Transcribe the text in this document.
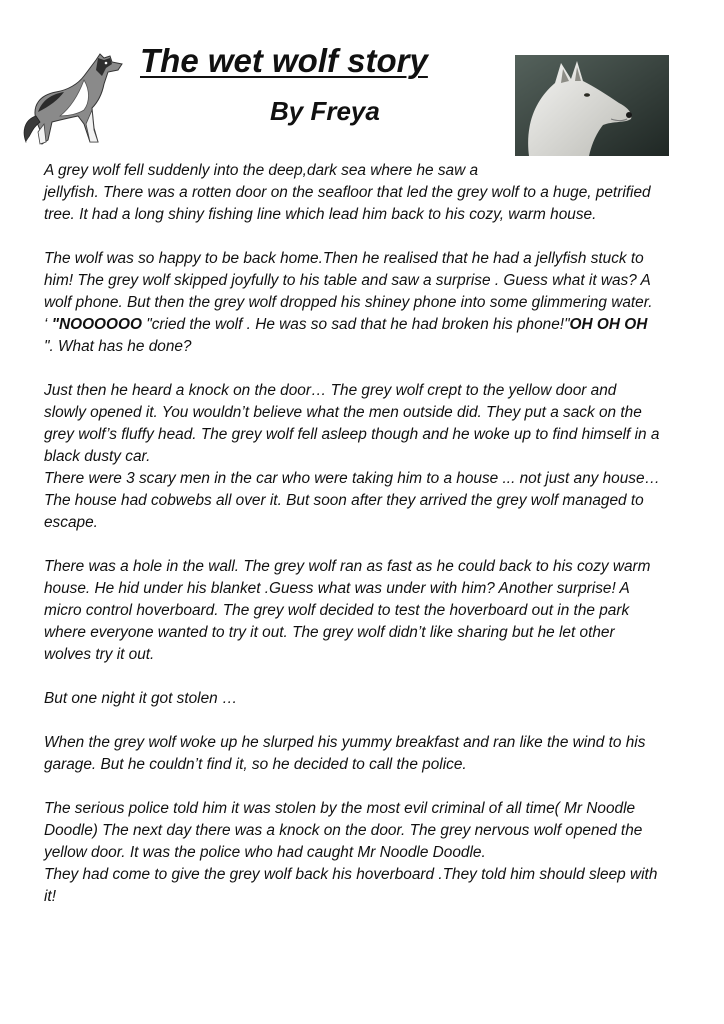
The wet wolf story
By Freya

A grey wolf fell suddenly into the deep,dark sea where he saw a
jellyfish. There was a rotten door on the seafloor that led the grey wolf to a huge, petrified
tree. It had a long shiny fishing line which lead him back to his cozy, warm house.

The wolf was so happy to be back home.Then he realised that he had a jellyfish stuck to
him! The grey wolf skipped joyfully to his table and saw a surprise . Guess what it was? A
wolf phone. But then the grey wolf dropped his shiney phone into some glimmering water.
‘ "NOOOOOO "cried the wolf . He was so sad that he had broken his phone!"OH OH OH
". What has he done?

Just then he heard a knock on the door… The grey wolf crept to the yellow door and
slowly opened it. You wouldn’t believe what the men outside did. They put a sack on the
grey wolf’s fluffy head. The grey wolf fell asleep though and he woke up to find himself in a
black dusty car.
There were 3 scary men in the car who were taking him to a house ... not just any house…
The house had cobwebs all over it. But soon after they arrived the grey wolf managed to
escape.

There was a hole in the wall. The grey wolf ran as fast as he could back to his cozy warm
house. He hid under his blanket .Guess what was under with him? Another surprise! A
micro control hoverboard. The grey wolf decided to test the hoverboard out in the park
where everyone wanted to try it out. The grey wolf didn’t like sharing but he let other
wolves try it out.

But one night it got stolen …

When the grey wolf woke up he slurped his yummy breakfast and ran like the wind to his
garage. But he couldn’t find it, so he decided to call the police.

The serious police told him it was stolen by the most evil criminal of all time( Mr Noodle
Doodle) The next day there was a knock on the door. The grey nervous wolf opened the
yellow door. It was the police who had caught Mr Noodle Doodle.
They had come to give the grey wolf back his hoverboard .They told him should sleep with
it!
